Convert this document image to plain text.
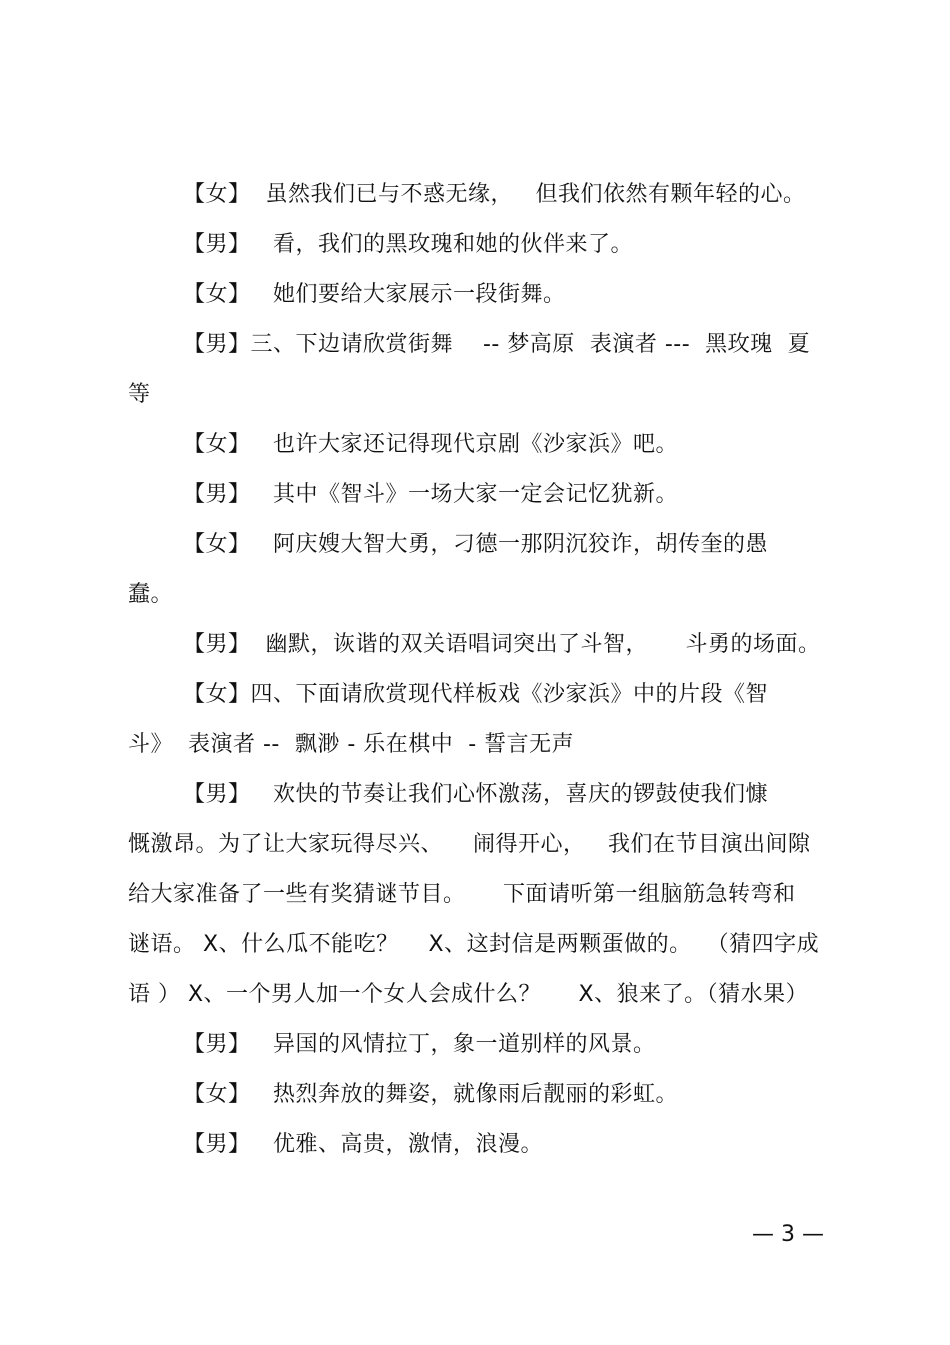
【女】  虽然我们已与不惑无缘，   但我们依然有颗年轻的心。
【男】   看，我们的黑玫瑰和她的伙伴来了。
【女】   她们要给大家展示一段街舞。
【男】三、下边请欣赏街舞    -- 梦高原  表演者 ---  黑玫瑰  夏
等
【女】   也许大家还记得现代京剧《沙家浜》吧。
【男】   其中《智斗》一场大家一定会记忆犹新。
【女】   阿庆嫂大智大勇，刁德一那阴沉狡诈，胡传奎的愚
蠢。
【男】  幽默，诙谐的双关语唱词突出了斗智，     斗勇的场面。
【女】四、下面请欣赏现代样板戏《沙家浜》中的片段《智
斗》  表演者 --  飘渺 - 乐在棋中  - 誓言无声
【男】   欢快的节奏让我们心怀激荡，喜庆的锣鼓使我们慷
慨激昂。为了让大家玩得尽兴、    闹得开心，   我们在节目演出间隙
给大家准备了一些有奖猜谜节目。     下面请听第一组脑筋急转弯和
谜语。 X、什么瓜不能吃？    X、这封信是两颗蛋做的。  （猜四字成
语 ） X、一个男人加一个女人会成什么？     X、狼来了。（猜水果）
【男】   异国的风情拉丁，象一道别样的风景。
【女】   热烈奔放的舞姿，就像雨后靓丽的彩虹。
【男】   优雅、高贵，激情，浪漫。
— 3 —
